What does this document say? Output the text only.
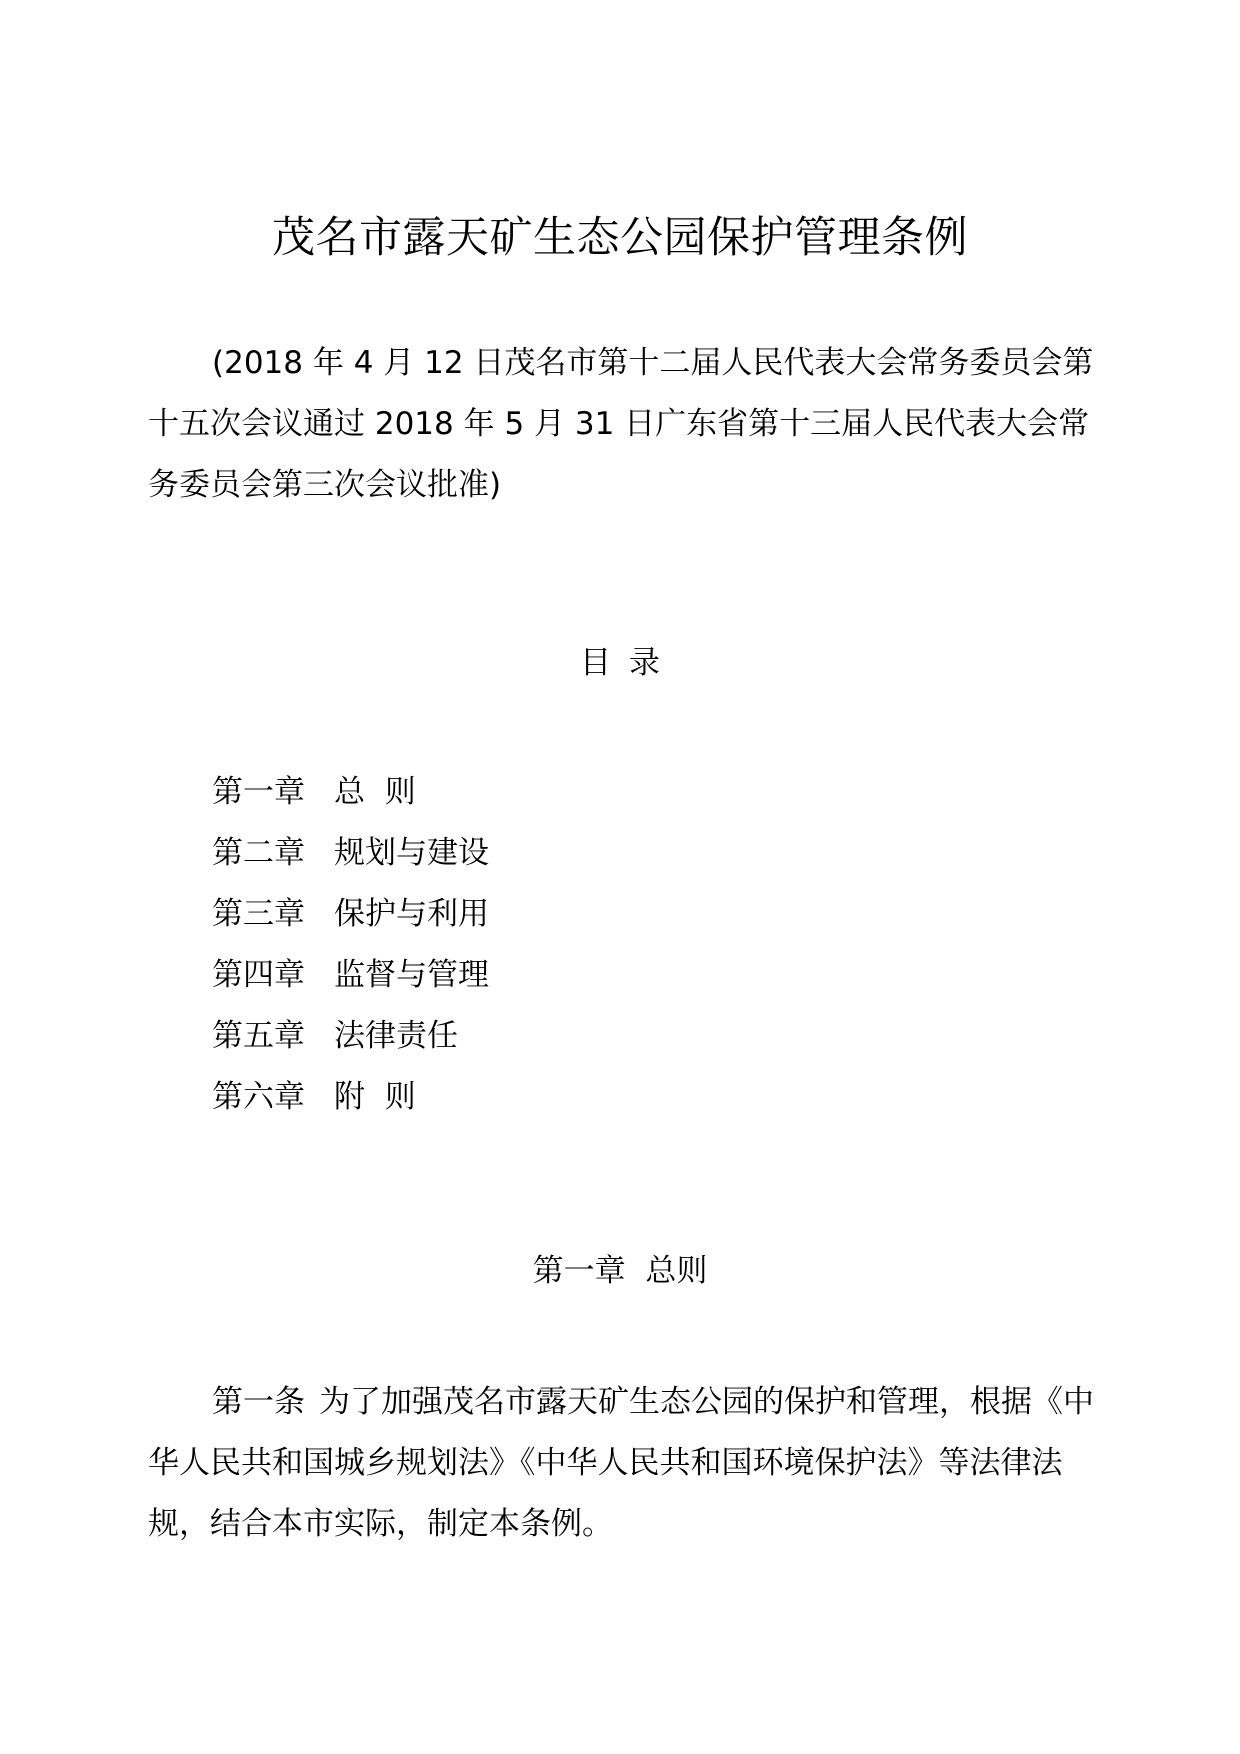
茂名市露天矿生态公园保护管理条例
(2018 年 4 月 12 日茂名市第十二届人民代表大会常务委员会第十五次会议通过 2018 年 5 月 31 日广东省第十三届人民代表大会常务委员会第三次会议批准)
目录
第一章 总  则
第二章 规划与建设
第三章 保护与利用
第四章 监督与管理
第五章 法律责任
第六章 附  则
第一章  总则
第一条 为了加强茂名市露天矿生态公园的保护和管理，根据《中华人民共和国城乡规划法》《中华人民共和国环境保护法》等法律法规，结合本市实际，制定本条例。
